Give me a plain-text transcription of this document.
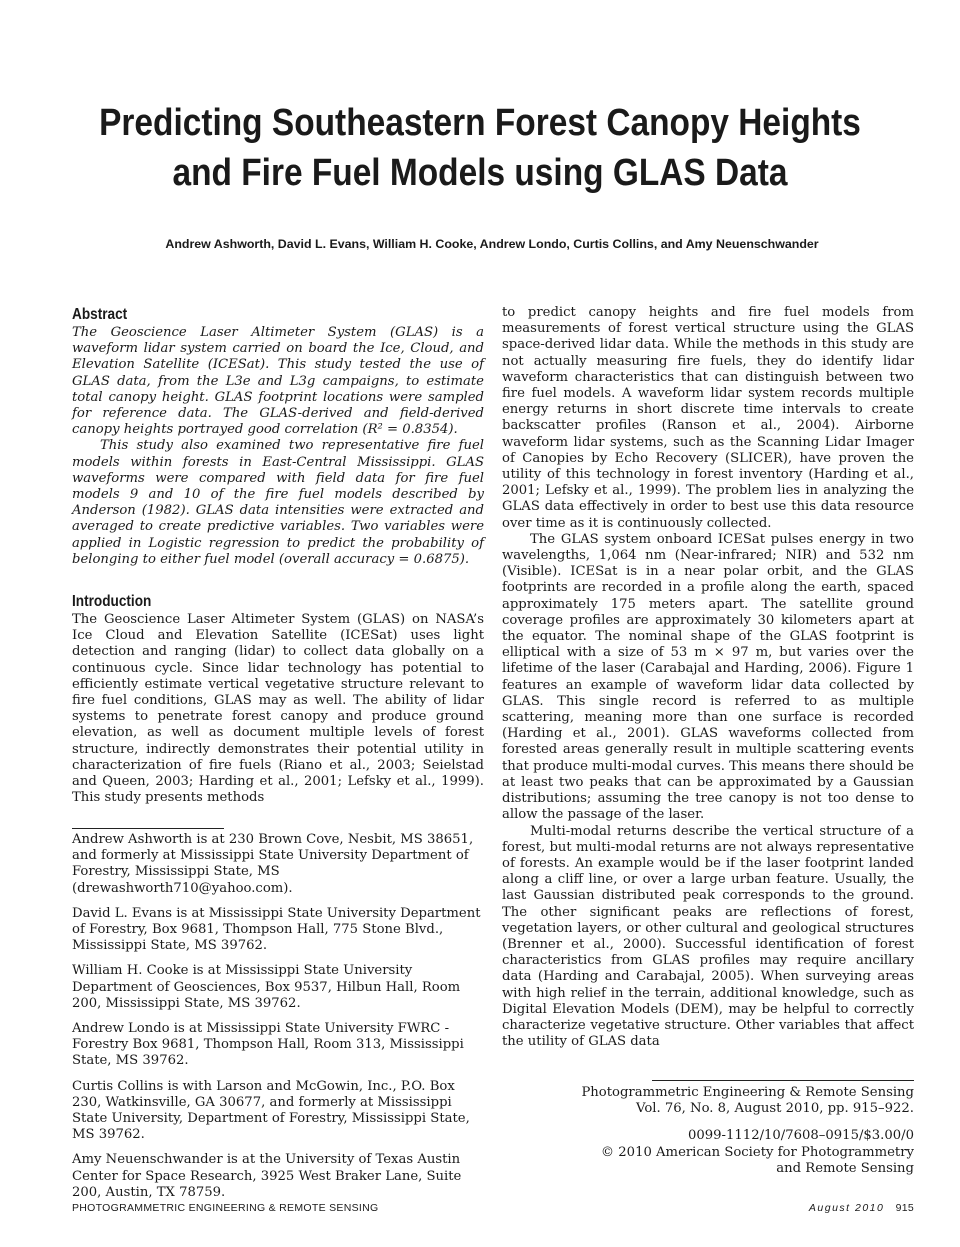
Predicting Southeastern Forest Canopy Heights
and Fire Fuel Models using GLAS Data
Andrew Ashworth, David L. Evans, William H. Cooke, Andrew Londo, Curtis Collins, and Amy Neuenschwander
Abstract

The Geoscience Laser Altimeter System (GLAS) is a waveform lidar system carried on board the Ice, Cloud, and Elevation Satellite (ICESat). This study tested the use of GLAS data, from the L3e and L3g campaigns, to estimate total canopy height. GLAS footprint locations were sampled for reference data. The GLAS-derived and field-derived canopy heights portrayed good correlation (R² = 0.8354).

This study also examined two representative fire fuel models within forests in East-Central Mississippi. GLAS waveforms were compared with field data for fire fuel models 9 and 10 of the fire fuel models described by Anderson (1982). GLAS data intensities were extracted and averaged to create predictive variables. Two variables were applied in Logistic regression to predict the probability of belonging to either fuel model (overall accuracy = 0.6875).

Introduction

The Geoscience Laser Altimeter System (GLAS) on NASA’s Ice Cloud and Elevation Satellite (ICESat) uses light detection and ranging (lidar) to collect data globally on a continuous cycle. Since lidar technology has potential to efficiently estimate vertical vegetative structure relevant to fire fuel conditions, GLAS may as well. The ability of lidar systems to penetrate forest canopy and produce ground elevation, as well as document multiple levels of forest structure, indirectly demonstrates their potential utility in characterization of fire fuels (Riano et al., 2003; Seielstad and Queen, 2003; Harding et al., 2001; Lefsky et al., 1999). This study presents methods

Andrew Ashworth is at 230 Brown Cove, Nesbit, MS 38651, and formerly at Mississippi State University Department of Forestry, Mississippi State, MS (drewashworth710@yahoo.com).

David L. Evans is at Mississippi State University Department of Forestry, Box 9681, Thompson Hall, 775 Stone Blvd., Mississippi State, MS 39762.

William H. Cooke is at Mississippi State University Department of Geosciences, Box 9537, Hilbun Hall, Room 200, Mississippi State, MS 39762.

Andrew Londo is at Mississippi State University FWRC - Forestry Box 9681, Thompson Hall, Room 313, Mississippi State, MS 39762.

Curtis Collins is with Larson and McGowin, Inc., P.O. Box 230, Watkinsville, GA 30677, and formerly at Mississippi State University, Department of Forestry, Mississippi State, MS 39762.

Amy Neuenschwander is at the University of Texas Austin Center for Space Research, 3925 West Braker Lane, Suite 200, Austin, TX 78759.

to predict canopy heights and fire fuel models from measurements of forest vertical structure using the GLAS space-derived lidar data. While the methods in this study are not actually measuring fire fuels, they do identify lidar waveform characteristics that can distinguish between two fire fuel models. A waveform lidar system records multiple energy returns in short discrete time intervals to create backscatter profiles (Ranson et al., 2004). Airborne waveform lidar systems, such as the Scanning Lidar Imager of Canopies by Echo Recovery (SLICER), have proven the utility of this technology in forest inventory (Harding et al., 2001; Lefsky et al., 1999). The problem lies in analyzing the GLAS data effectively in order to best use this data resource over time as it is continuously collected.

The GLAS system onboard ICESat pulses energy in two wavelengths, 1,064 nm (Near-infrared; NIR) and 532 nm (Visible). ICESat is in a near polar orbit, and the GLAS footprints are recorded in a profile along the earth, spaced approximately 175 meters apart. The satellite ground coverage profiles are approximately 30 kilometers apart at the equator. The nominal shape of the GLAS footprint is elliptical with a size of 53 m × 97 m, but varies over the lifetime of the laser (Carabajal and Harding, 2006). Figure 1 features an example of waveform lidar data collected by GLAS. This single record is referred to as multiple scattering, meaning more than one surface is recorded (Harding et al., 2001). GLAS waveforms collected from forested areas generally result in multiple scattering events that produce multi-modal curves. This means there should be at least two peaks that can be approximated by a Gaussian distributions; assuming the tree canopy is not too dense to allow the passage of the laser.

Multi-modal returns describe the vertical structure of a forest, but multi-modal returns are not always representative of forests. An example would be if the laser footprint landed along a cliff line, or over a large urban feature. Usually, the last Gaussian distributed peak corresponds to the ground. The other significant peaks are reflections of forest, vegetation layers, or other cultural and geological structures (Brenner et al., 2000). Successful identification of forest characteristics from GLAS profiles may require ancillary data (Harding and Carabajal, 2005). When surveying areas with high relief in the terrain, additional knowledge, such as Digital Elevation Models (DEM), may be helpful to correctly characterize vegetative structure. Other variables that affect the utility of GLAS data

Photogrammetric Engineering & Remote Sensing
Vol. 76, No. 8, August 2010, pp. 915–922.
0099-1112/10/7608–0915/$3.00/0
© 2010 American Society for Photogrammetry
and Remote Sensing
PHOTOGRAMMETRIC ENGINEERING & REMOTE SENSING	August 2010 915
